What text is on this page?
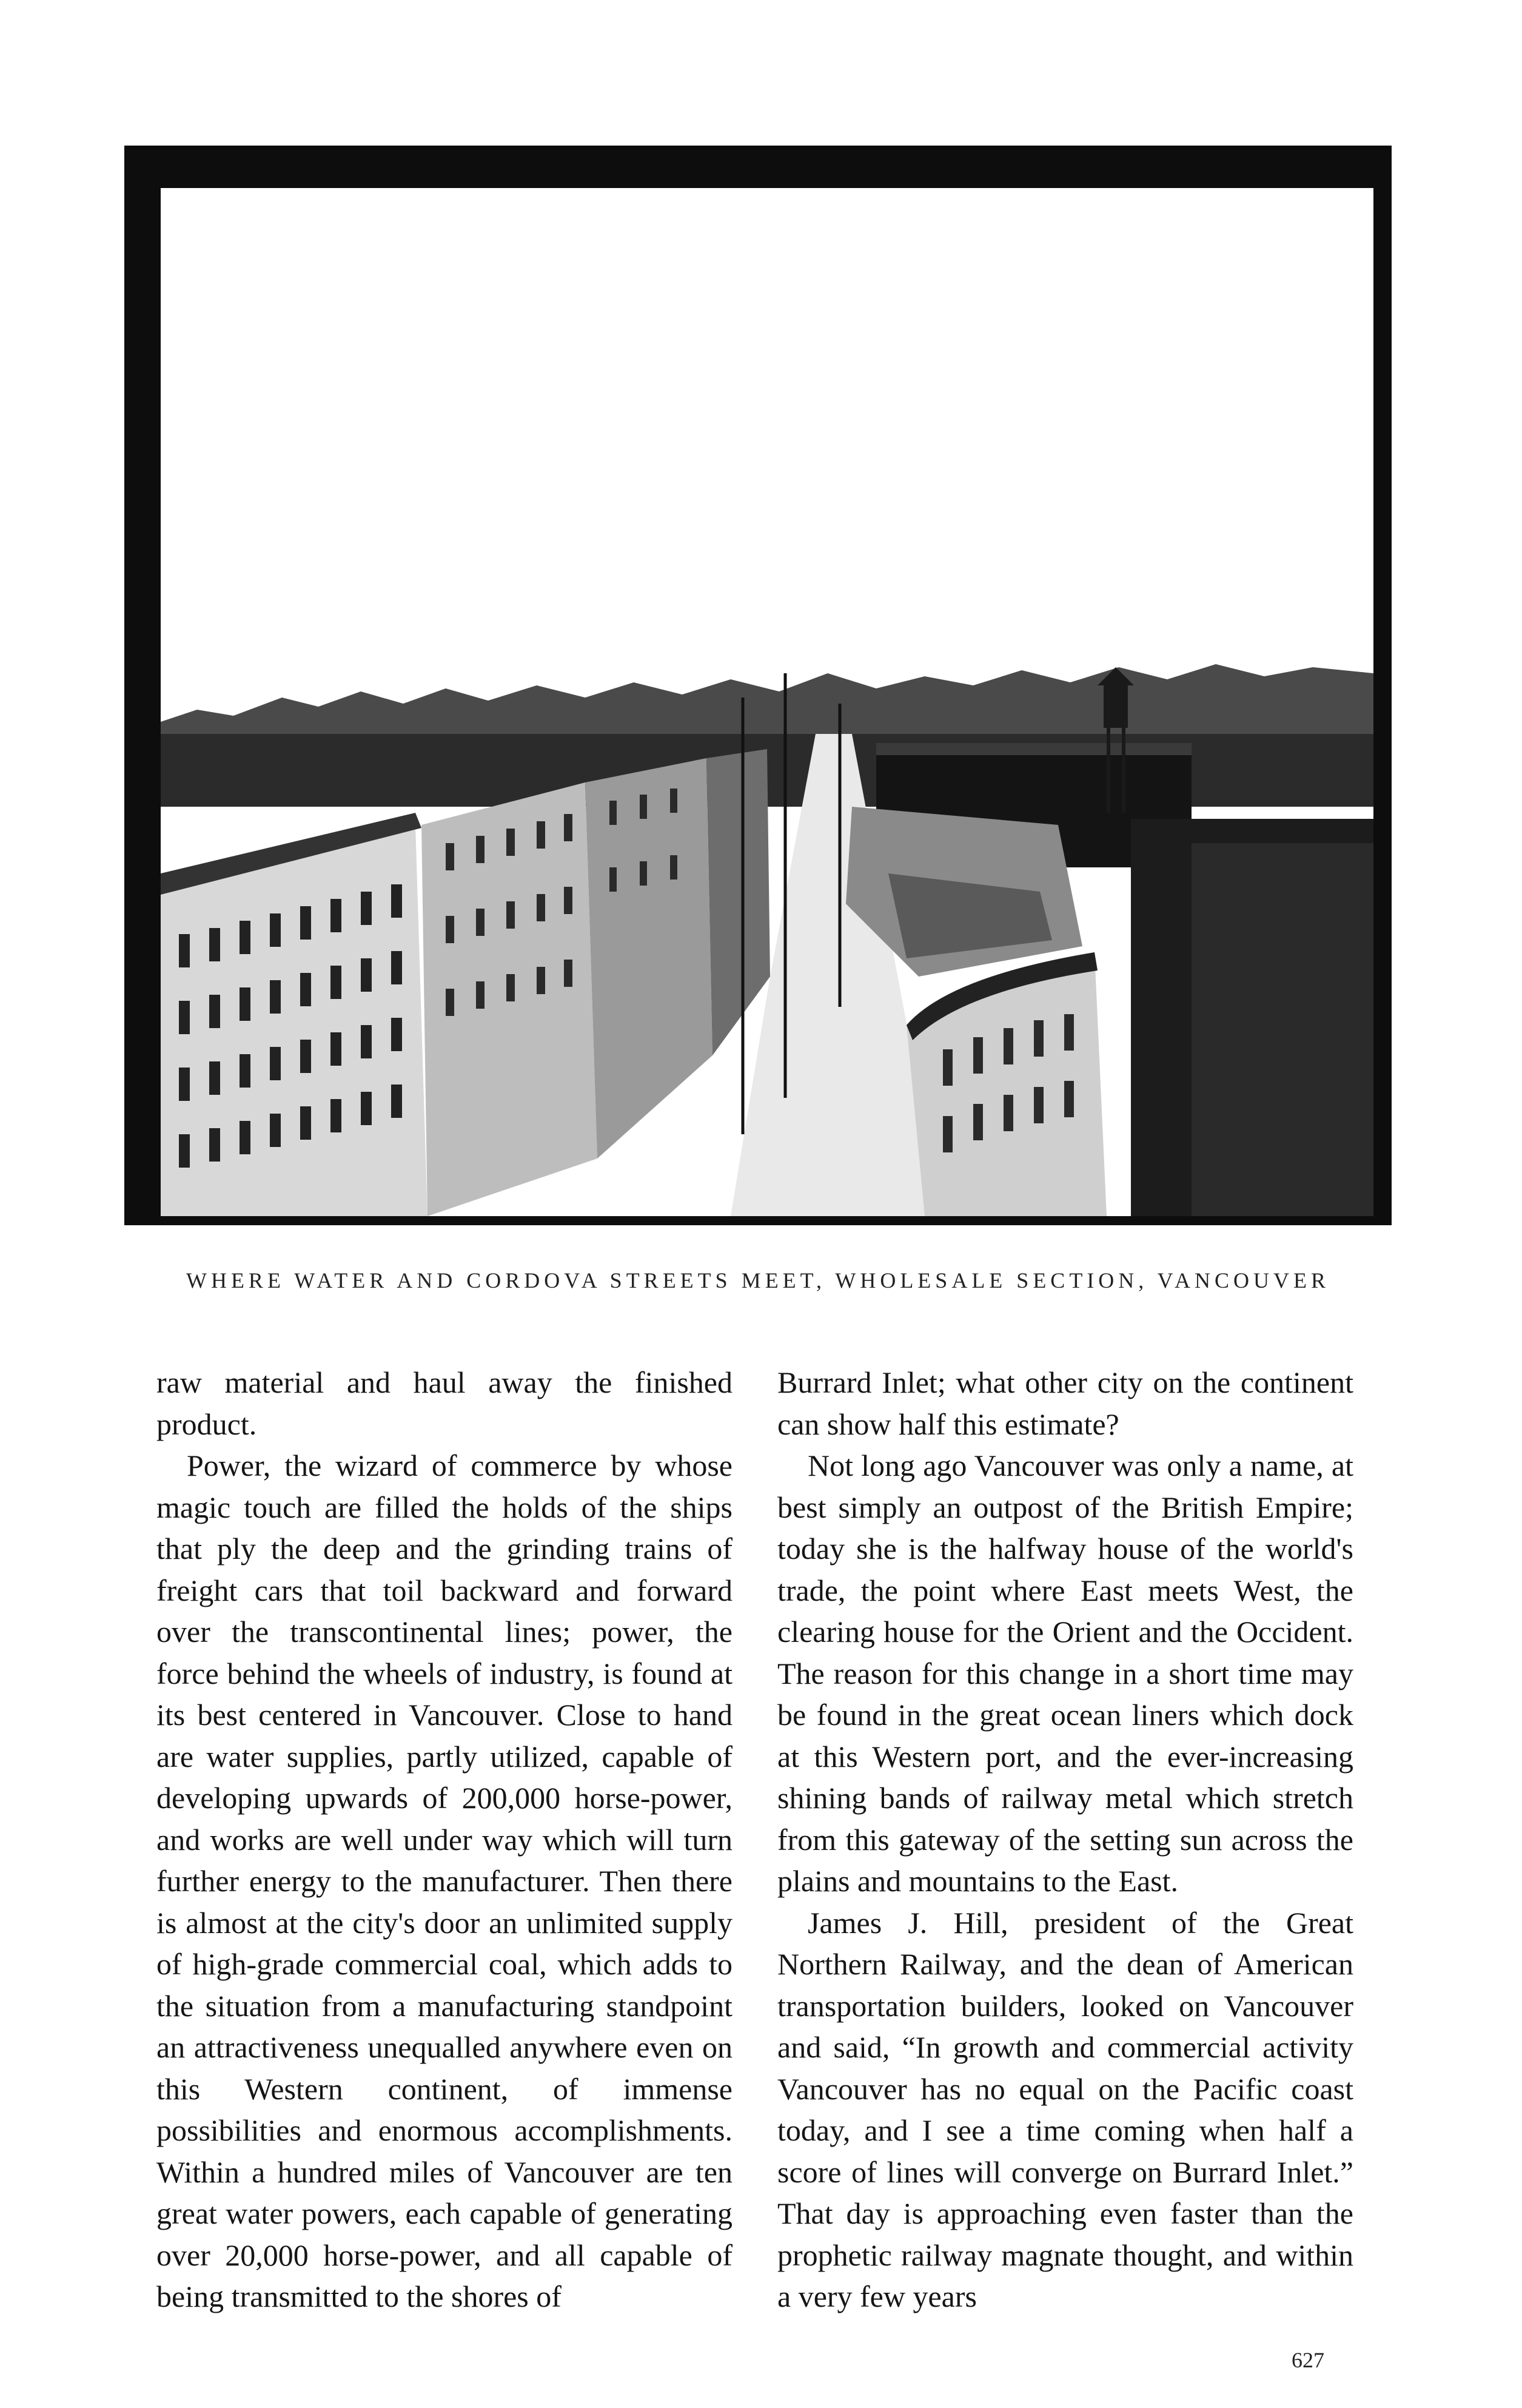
WHERE WATER AND CORDOVA STREETS MEET, WHOLESALE SECTION, VANCOUVER

raw material and haul away the finished product.

Power, the wizard of commerce by whose magic touch are filled the holds of the ships that ply the deep and the grinding trains of freight cars that toil backward and forward over the transcontinental lines; power, the force behind the wheels of industry, is found at its best centered in Vancouver. Close to hand are water supplies, partly utilized, capable of developing upwards of 200,000 horse-power, and works are well under way which will turn further energy to the manufacturer. Then there is almost at the city's door an unlimited supply of high-grade commercial coal, which adds to the situation from a manufacturing standpoint an attractiveness unequalled anywhere even on this Western continent, of immense possibilities and enormous accomplishments. Within a hundred miles of Vancouver are ten great water powers, each capable of generating over 20,000 horse-power, and all capable of being transmitted to the shores of

Burrard Inlet; what other city on the continent can show half this estimate?

Not long ago Vancouver was only a name, at best simply an outpost of the British Empire; today she is the halfway house of the world's trade, the point where East meets West, the clearing house for the Orient and the Occident. The reason for this change in a short time may be found in the great ocean liners which dock at this Western port, and the ever-increasing shining bands of railway metal which stretch from this gateway of the setting sun across the plains and mountains to the East.

James J. Hill, president of the Great Northern Railway, and the dean of American transportation builders, looked on Vancouver and said, “In growth and commercial activity Vancouver has no equal on the Pacific coast today, and I see a time coming when half a score of lines will converge on Burrard Inlet.” That day is approaching even faster than the prophetic railway magnate thought, and within a very few years

627
